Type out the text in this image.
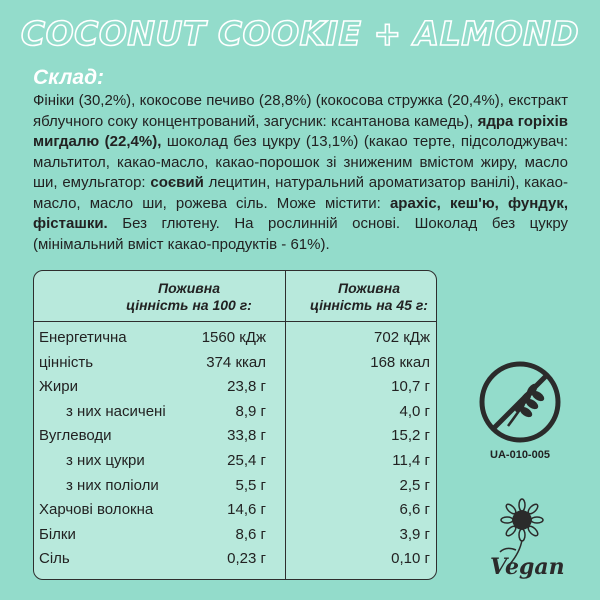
COCONUT COOKIE + ALMOND
Склад:
Фініки (30,2%), кокосове печиво (28,8%) (кокосова стружка (20,4%), екстракт яблучного соку концентрований, загусник: ксантанова камедь), ядра горіхів мигдалю (22,4%), шоколад без цукру (13,1%) (какао терте, підсолоджувач: мальтитол, какао-масло, какао-порошок зі зниженим вмістом жиру, масло ши, емульгатор: соєвий лецитин, натуральний ароматизатор ванілі), какао-масло, масло ши, рожева сіль. Може містити: арахіс, кеш'ю, фундук, фісташки. Без глютену. На рослинній основі. Шоколад без цукру (мінімальний вміст какао-продуктів - 61%).
Поживна
цінність на 100 г:
Поживна
цінність на 45 г:
Енергетична	1560 кДж	702 кДж
цінність	374 ккал	168 ккал
Жири	23,8 г	10,7 г
з них насичені	8,9 г	4,0 г
Вуглеводи	33,8 г	15,2 г
з них цукри	25,4 г	11,4 г
з них поліоли	5,5 г	2,5 г
Харчові волокна	14,6 г	6,6 г
Білки	8,6 г	3,9 г
Сіль	0,23 г	0,10 г
UA-010-005
Vegan
